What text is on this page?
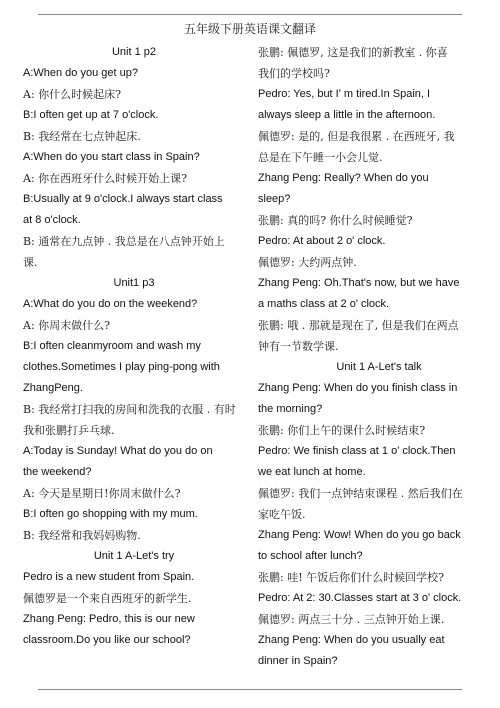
五年级下册英语课文翻译
Unit 1 p2
A:When do you get up?
A: 你什么时候起床?
B:I often get up at 7 o'clock.
B: 我经常在七点钟起床.
A:When do you start class in Spain?
A: 你在西班牙什么时候开始上课?
B:Usually at 9 o'clock.I always start class
at 8 o'clock.
B: 通常在九点钟 . 我总是在八点钟开始上
课.
Unit1 p3
A:What do you do on the weekend?
A: 你周末做什么?
B:I often cleanmyroom and wash my
clothes.Sometimes I play ping-pong with
ZhangPeng.
B: 我经常打扫我的房间和洗我的衣服 . 有时
我和张鹏打乒乓球.
A:Today is Sunday! What do you do on
the weekend?
A: 今天是星期日!你周末做什么?
B:I often go shopping with my mum.
B: 我经常和我妈妈购物.
Unit 1 A-Let's try
Pedro is a new student from Spain.
佩德罗是一个来自西班牙的新学生.
Zhang Peng: Pedro, this is our new
classroom.Do you like our school?
张鹏: 佩德罗, 这是我们的新教室 . 你喜
我们的学校吗?
Pedro: Yes, but I' m tired.In Spain, I
always sleep a little in the afternoon.
佩德罗: 是的, 但是我很累 . 在西班牙, 我
总是在下午睡一小会儿觉.
Zhang Peng: Really? When do you
sleep?
张鹏: 真的吗? 你什么时候睡觉?
Pedro: At about 2 o' clock.
佩德罗: 大约两点钟.
Zhang Peng: Oh.That's now, but we have
a maths class at 2 o' clock.
张鹏: 哦 . 那就是现在了, 但是我们在两点
钟有一节数学课.
Unit 1 A-Let's talk
Zhang Peng: When do you finish class in
the morning?
张鹏: 你们上午的课什么时候结束?
Pedro: We finish class at 1 o' clock.Then
we eat lunch at home.
佩德罗: 我们一点钟结束课程 . 然后我们在
家吃午饭.
Zhang Peng: Wow! When do you go back
to school after lunch?
张鹏: 哇! 午饭后你们什么时候回学校?
Pedro: At 2: 30.Classes start at 3 o' clock.
佩德罗: 两点三十分 . 三点钟开始上课.
Zhang Peng: When do you usually eat
dinner in Spain?
